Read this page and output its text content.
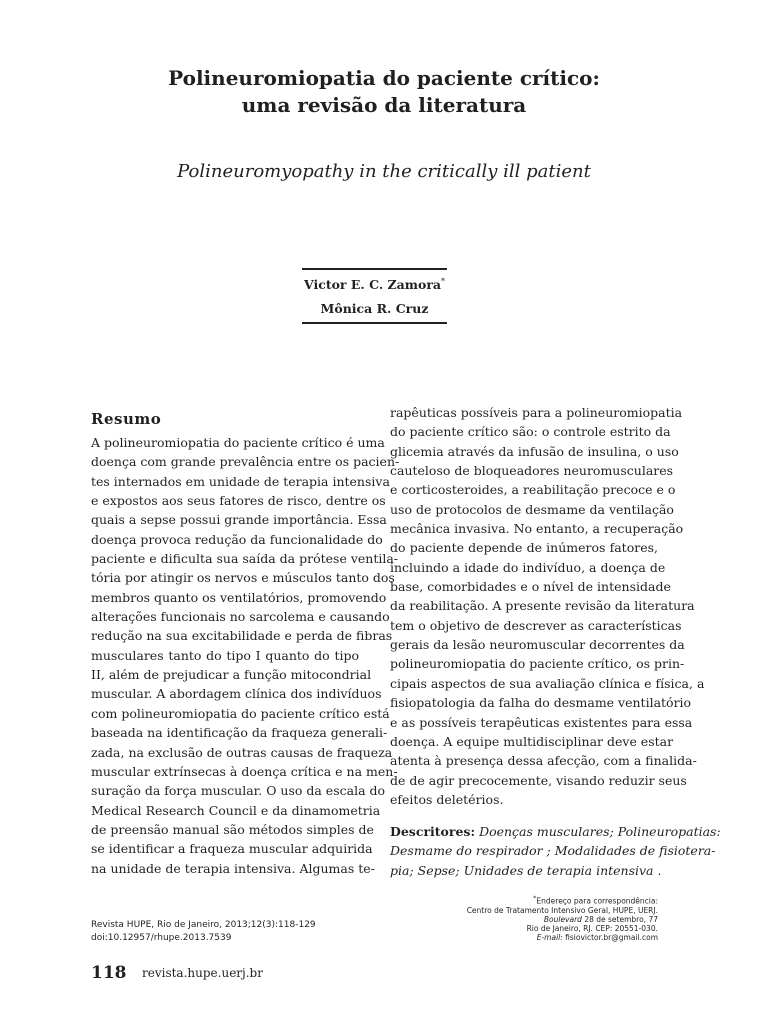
Polineuromiopatia do paciente crítico:
uma revisão da literatura
Polineuromyopathy in the critically ill patient
Victor E. C. Zamora*
Mônica R. Cruz
Resumo
A polineuromiopatia do paciente crítico é uma
doença com grande prevalência entre os pacien-
tes internados em unidade de terapia intensiva
e expostos aos seus fatores de risco, dentre os
quais a sepse possui grande importância. Essa
doença provoca redução da funcionalidade do
paciente e dificulta sua saída da prótese ventila-
tória por atingir os nervos e músculos tanto dos
membros quanto os ventilatórios, promovendo
alterações funcionais no sarcolema e causando
redução na sua excitabilidade e perda de fibras
musculares tanto do tipo I quanto do tipo
II, além de prejudicar a função mitocondrial
muscular. A abordagem clínica dos indivíduos
com polineuromiopatia do paciente crítico está
baseada na identificação da fraqueza generali-
zada, na exclusão de outras causas de fraqueza
muscular extrínsecas à doença crítica e na men-
suração da força muscular. O uso da escala do
Medical Research Council e da dinamometria
de preensão manual são métodos simples de
se identificar a fraqueza muscular adquirida
na unidade de terapia intensiva. Algumas te-
rapêuticas possíveis para a polineuromiopatia
do paciente crítico são: o controle estrito da
glicemia através da infusão de insulina, o uso
cauteloso de bloqueadores neuromusculares
e corticosteroides, a reabilitação precoce e o
uso de protocolos de desmame da ventilação
mecânica invasiva. No entanto, a recuperação
do paciente depende de inúmeros fatores,
incluindo a idade do indivíduo, a doença de
base, comorbidades e o nível de intensidade
da reabilitação. A presente revisão da literatura
tem o objetivo de descrever as características
gerais da lesão neuromuscular decorrentes da
polineuromiopatia do paciente crítico, os prin-
cipais aspectos de sua avaliação clínica e física, a
fisiopatologia da falha do desmame ventilatório
e as possíveis terapêuticas existentes para essa
doença. A equipe multidisciplinar deve estar
atenta à presença dessa afecção, com a finalida-
de de agir precocemente, visando reduzir seus
efeitos deletérios.
Descritores: Doenças musculares; Polineuropatias:
Desmame do respirador ; Modalidades de fisiotera-
pia; Sepse; Unidades de terapia intensiva .
Revista HUPE, Rio de Janeiro, 2013;12(3):118-129
doi:10.12957/rhupe.2013.7539
*Endereço para correspondência:
Centro de Tratamento Intensivo Geral, HUPE, UERJ.
Boulevard 28 de setembro, 77
Rio de Janeiro, RJ. CEP: 20551-030.
E-mail: fisiovictor.br@gmail.com
118 revista.hupe.uerj.br
